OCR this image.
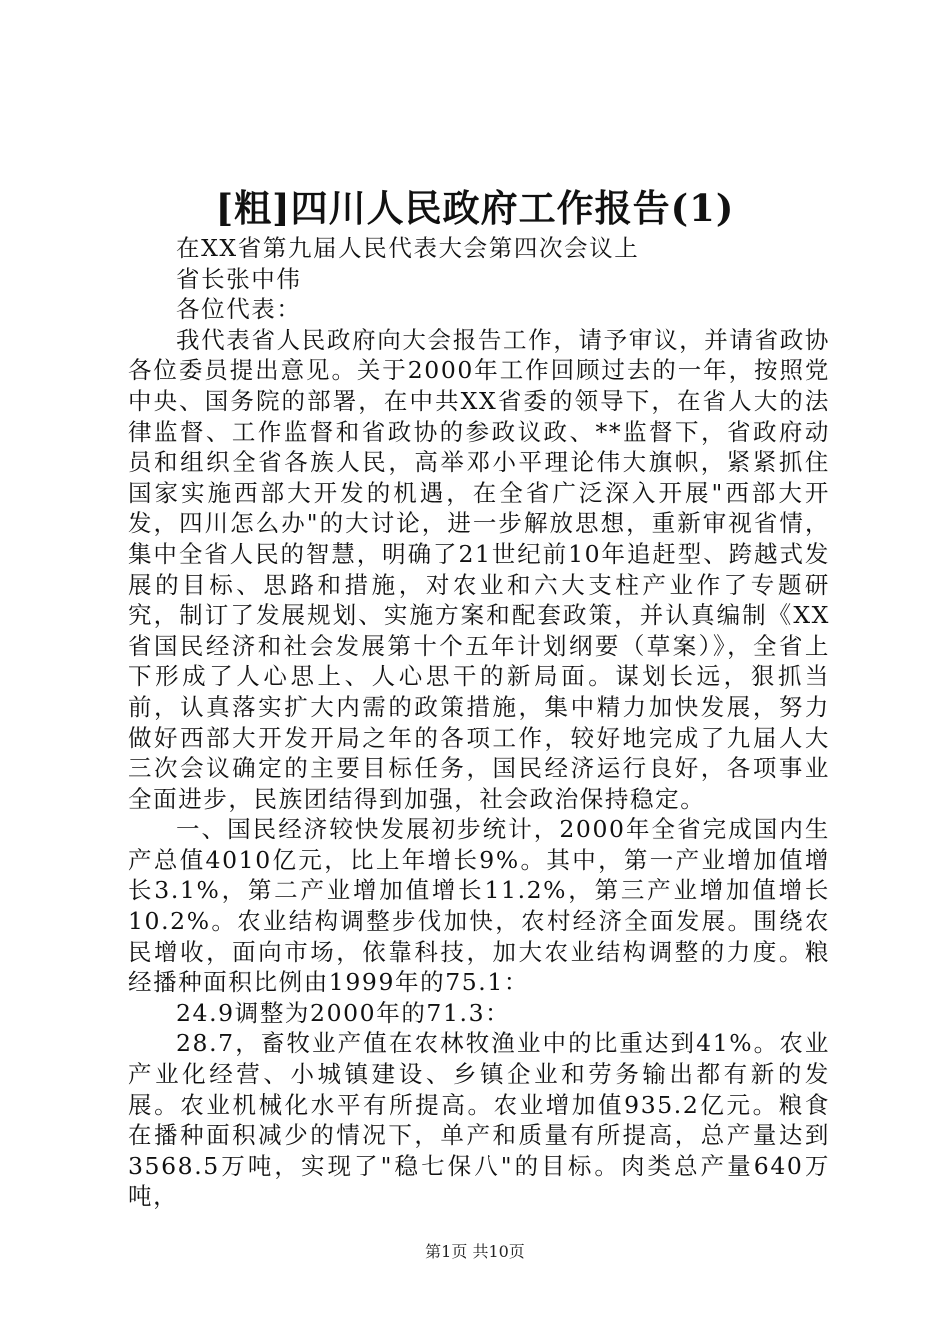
[粗]四川人民政府工作报告(1)

在XX省第九届人民代表大会第四次会议上

省长张中伟

各位代表：

我代表省人民政府向大会报告工作，请予审议，并请省政协各位委员提出意见。关于2000年工作回顾过去的一年，按照党中央、国务院的部署，在中共XX省委的领导下，在省人大的法律监督、工作监督和省政协的参政议政、**监督下，省政府动员和组织全省各族人民，高举邓小平理论伟大旗帜，紧紧抓住国家实施西部大开发的机遇，在全省广泛深入开展"西部大开发，四川怎么办"的大讨论，进一步解放思想，重新审视省情，集中全省人民的智慧，明确了21世纪前10年追赶型、跨越式发展的目标、思路和措施，对农业和六大支柱产业作了专题研究，制订了发展规划、实施方案和配套政策，并认真编制《XX省国民经济和社会发展第十个五年计划纲要（草案）》，全省上下形成了人心思上、人心思干的新局面。谋划长远，狠抓当前，认真落实扩大内需的政策措施，集中精力加快发展，努力做好西部大开发开局之年的各项工作，较好地完成了九届人大三次会议确定的主要目标任务，国民经济运行良好，各项事业全面进步，民族团结得到加强，社会政治保持稳定。

一、国民经济较快发展初步统计，2000年全省完成国内生产总值4010亿元，比上年增长9%。其中，第一产业增加值增长3.1%，第二产业增加值增长11.2%，第三产业增加值增长10.2%。农业结构调整步伐加快，农村经济全面发展。围绕农民增收，面向市场，依靠科技，加大农业结构调整的力度。粮经播种面积比例由1999年的75.1：

24.9调整为2000年的71.3：

28.7，畜牧业产值在农林牧渔业中的比重达到41%。农业产业化经营、小城镇建设、乡镇企业和劳务输出都有新的发展。农业机械化水平有所提高。农业增加值935.2亿元。粮食在播种面积减少的情况下，单产和质量有所提高，总产量达到3568.5万吨，实现了"稳七保八"的目标。肉类总产量640万吨，

第1页 共10页
